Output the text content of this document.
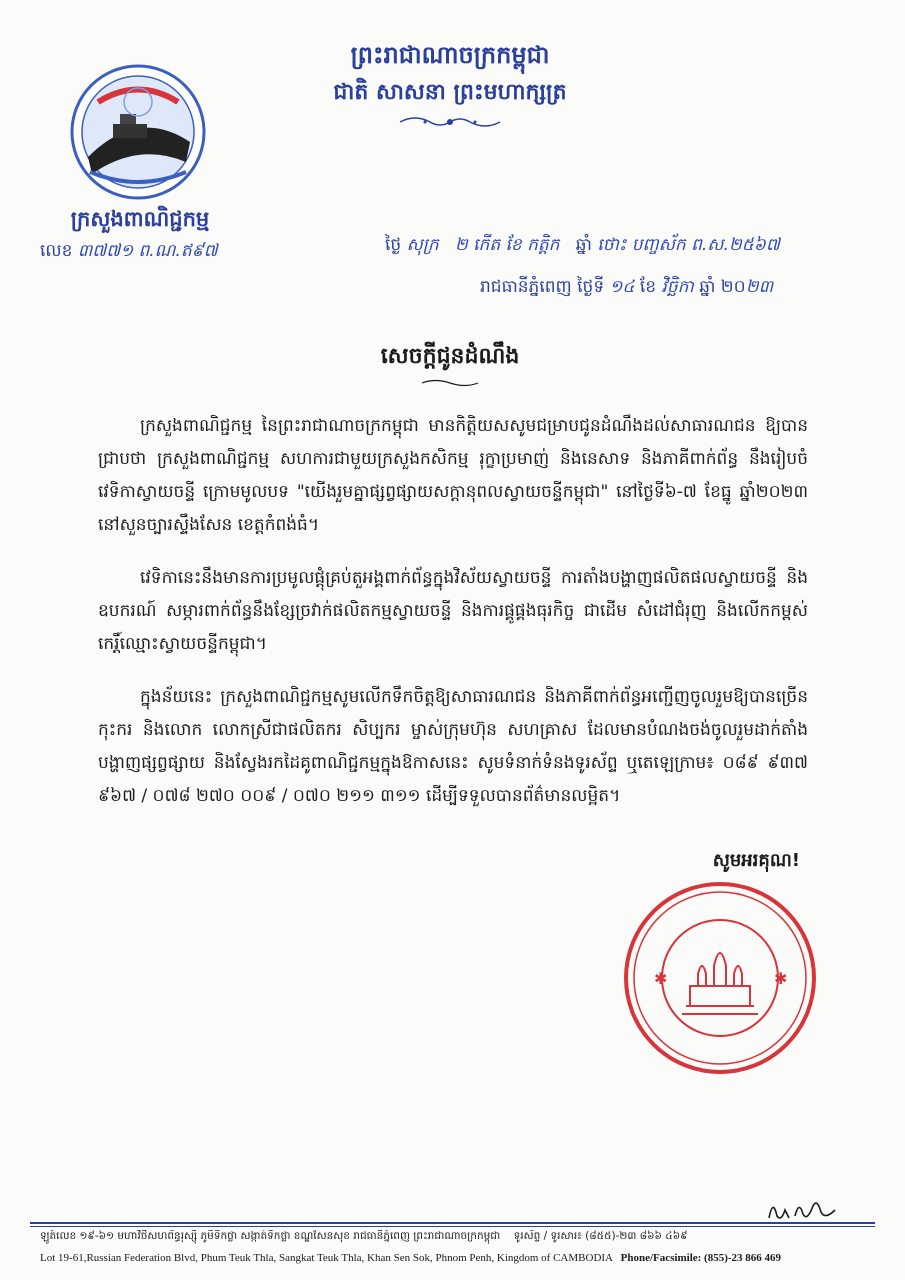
ក្រសួងពាណិជ្ជកម្ម
លេខ ៣៧៧១ ព.ណ.ឥ៩៧
ព្រះរាជាណាចក្រកម្ពុជា
ជាតិ សាសនា ព្រះមហាក្សត្រ
ថ្ងៃ សុក្រ ២ កើត ខែ កត្ដិក ឆ្នាំ ថោះ បញ្ចស័ក ព.ស.២៥៦៧
រាជធានីភ្នំពេញ ថ្ងៃទី ១៤ ខែ វិច្ឆិកា ឆ្នាំ ២០២៣
សេចក្ដីជូនដំណឹង

ក្រសួងពាណិជ្ជកម្ម នៃព្រះរាជាណាចក្រកម្ពុជា មានកិត្តិយសសូមជម្រាបជូនដំណឹងដល់សាធារណជន ឱ្យបានជ្រាបថា ក្រសួងពាណិជ្ជកម្ម សហការជាមួយក្រសួងកសិកម្ម រុក្ខាប្រមាញ់ និងនេសាទ និងភាគីពាក់ព័ន្ធ នឹងរៀបចំ វេទិកាស្វាយចន្ទី ក្រោមមូលបទ "យើងរួមគ្នាផ្សព្វផ្សាយសក្ដានុពលស្វាយចន្ទីកម្ពុជា" នៅថ្ងៃទី៦-៧ ខែធ្នូ ឆ្នាំ២០២៣ នៅសួនច្បារស្ទឹងសែន ខេត្តកំពង់ធំ។

វេទិកានេះនឹងមានការប្រមូលផ្តុំគ្រប់តួអង្គពាក់ព័ន្ធក្នុងវិស័យស្វាយចន្ទី ការតាំងបង្ហាញផលិតផលស្វាយចន្ទី និងឧបករណ៍ សម្ភារពាក់ព័ន្ធនឹងខ្សែច្រវាក់ផលិតកម្មស្វាយចន្ទី និងការផ្គូផ្គងធុរកិច្ច ជាដើម សំដៅជំរុញ និងលើកកម្ពស់កេរ្តិ៍ឈ្មោះស្វាយចន្ទីកម្ពុជា។

ក្នុងន័យនេះ ក្រសួងពាណិជ្ជកម្មសូមលើកទឹកចិត្តឱ្យសាធារណជន និងភាគីពាក់ព័ន្ធអញ្ជើញចូលរួមឱ្យបានច្រើនកុះករ និងលោក លោកស្រីជាផលិតករ សិប្បករ ម្ចាស់ក្រុមហ៊ុន សហគ្រាស ដែលមានបំណងចង់ចូលរួមដាក់តាំងបង្ហាញផ្សព្វផ្សាយ និងស្វែងរកដៃគូពាណិជ្ជកម្មក្នុងឱកាសនេះ សូមទំនាក់ទំនងទូរស័ព្ទ ឬតេឡេក្រាម៖ ០៨៩ ៩៣៧ ៩៦៧ / ០៧៨ ២៧០ ០០៩ / ០៧០ ២១១ ៣១១ ដើម្បីទទួលបានព័ត៌មានលម្អិត។

សូមអរគុណ!
✱	✱
ឡូត៍លេខ ១៩-៦១ មហាវិថីសហព័ន្ធរុស្ស៊ី ភូមិទឹកថ្លា សង្កាត់ទឹកថ្លា ខណ្ឌសែនសុខ រាជធានីភ្នំពេញ ព្រះរាជាណាចក្រកម្ពុជា ទូរស័ព្ទ / ទូរសារ៖ (៨៥៥)-២៣ ៨៦៦ ៤៦៩
Lot 19-61,Russian Federation Blvd, Phum Teuk Thla, Sangkat Teuk Thla, Khan Sen Sok, Phnom Penh, Kingdom of CAMBODIA Phone/Facsimile: (855)-23 866 469
